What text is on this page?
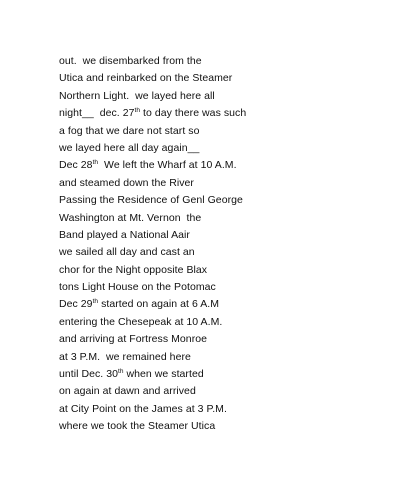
out.  we disembarked from the
Utica and reinbarked on the Steamer
Northern Light.  we layed here all
night__  dec. 27th to day there was such
a fog that we dare not start so
we layed here all day again__
Dec 28th  We left the Wharf at 10 A.M.
and steamed down the River
Passing the Residence of Genl George
Washington at Mt. Vernon  the
Band played a National Aair
we sailed all day and cast an
chor for the Night opposite Blax
tons Light House on the Potomac
Dec 29th started on again at 6 A.M
entering the Chesepeak at 10 A.M.
and arriving at Fortress Monroe
at 3 P.M.  we remained here
until Dec. 30th when we started
on again at dawn and arrived
at City Point on the James at 3 P.M.
where we took the Steamer Utica
